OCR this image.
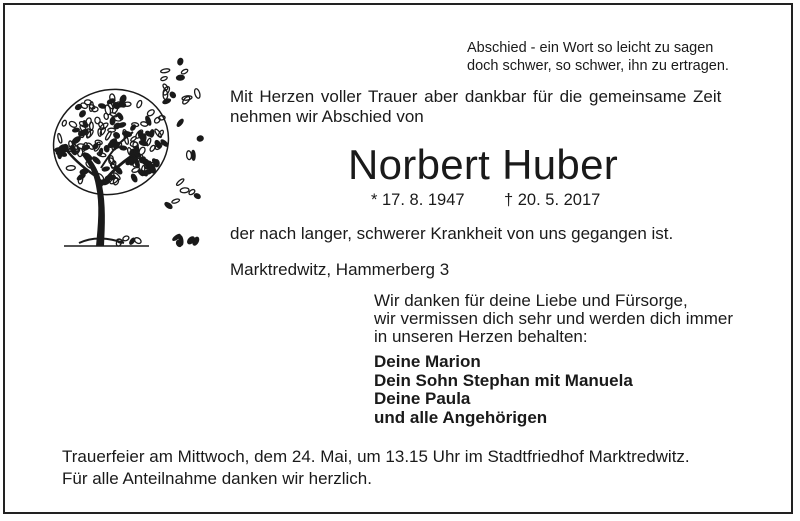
Abschied - ein Wort so leicht zu sagen
doch schwer, so schwer, ihn zu ertragen.
Mit Herzen voller Trauer aber dankbar für die gemeinsame Zeit
nehmen wir Abschied von
Norbert Huber
* 17. 8. 1947 † 20. 5. 2017
der nach langer, schwerer Krankheit von uns gegangen ist.
Marktredwitz, Hammerberg 3
Wir danken für deine Liebe und Fürsorge,
wir vermissen dich sehr und werden dich immer
in unseren Herzen behalten:
Deine Marion
Dein Sohn Stephan mit Manuela
Deine Paula
und alle Angehörigen
Trauerfeier am Mittwoch, dem 24. Mai, um 13.15 Uhr im Stadtfriedhof Marktredwitz.
Für alle Anteilnahme danken wir herzlich.
